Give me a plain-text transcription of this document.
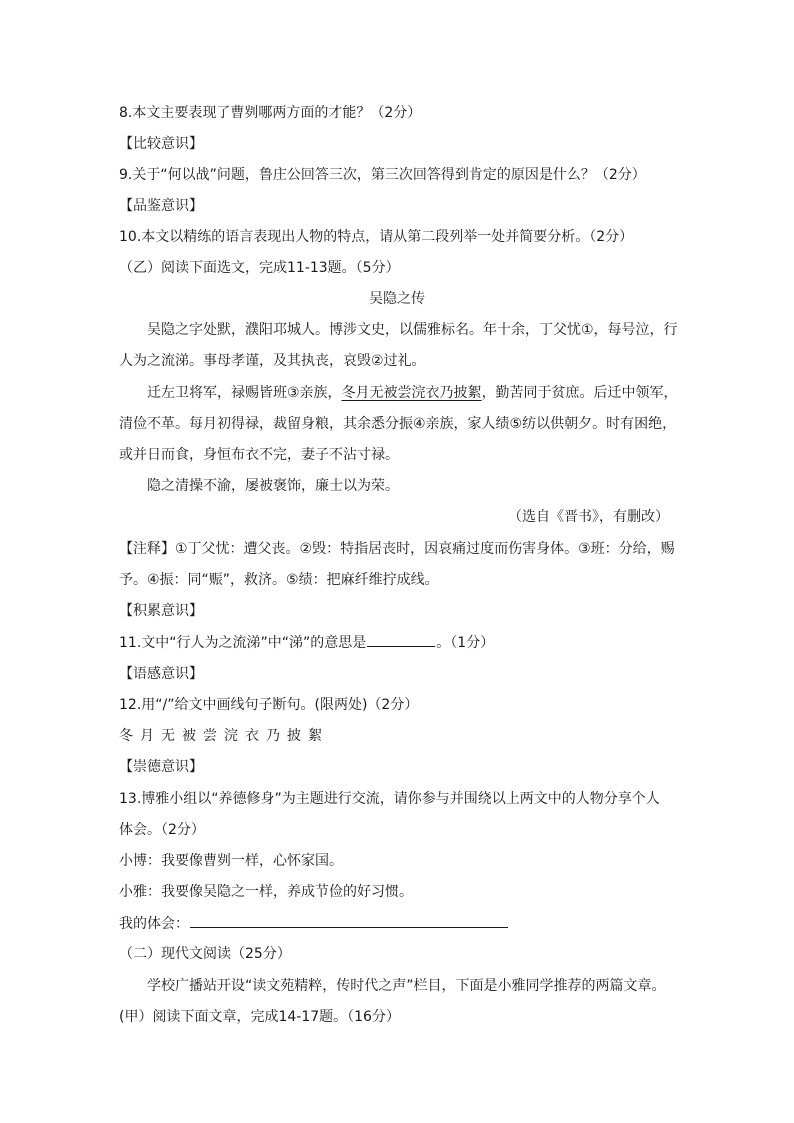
8.本文主要表现了曹刿哪两方面的才能？（2分）
【比较意识】
9.关于“何以战”问题，鲁庄公回答三次，第三次回答得到肯定的原因是什么？（2分）
【品鉴意识】
10.本文以精练的语言表现出人物的特点，请从第二段列举一处并简要分析。（2分）
（乙）阅读下面选文，完成11-13题。（5分）
吴隐之传
吴隐之字处默，濮阳邛城人。博涉文史，以儒雅标名。年十余，丁父忧①，每号泣，行
人为之流涕。事母孝谨，及其执丧，哀毁②过礼。
迁左卫将军，禄赐皆班③亲族，冬月无被尝浣衣乃披絮，勤苦同于贫庶。后迁中领军，
清俭不革。每月初得禄，裁留身粮，其余悉分振④亲族，家人绩⑤纺以供朝夕。时有困绝，
或并日而食，身恒布衣不完，妻子不沾寸禄。
隐之清操不渝，屡被褒饰，廉士以为荣。
（选自《晋书》，有删改）
【注释】①丁父忧：遭父丧。②毁：特指居丧时，因哀痛过度而伤害身体。③班：分给，赐
予。④振：同“赈”，救济。⑤绩：把麻纤维拧成线。
【积累意识】
11.文中“行人为之流涕”中“涕”的意思是	。（1分）
【语感意识】
12.用“/”给文中画线句子断句。(限两处)（2分）
冬月无被尝浣衣乃披絮
【崇德意识】
13.博雅小组以“养德修身”为主题进行交流，请你参与并围绕以上两文中的人物分享个人
体会。（2分）
小博：我要像曹刿一样，心怀家国。
小雅：我要像吴隐之一样，养成节俭的好习惯。
我的体会：
（二）现代文阅读（25分）
学校广播站开设“读文苑精粹，传时代之声”栏目，下面是小雅同学推荐的两篇文章。
(甲）阅读下面文章，完成14-17题。（16分）
